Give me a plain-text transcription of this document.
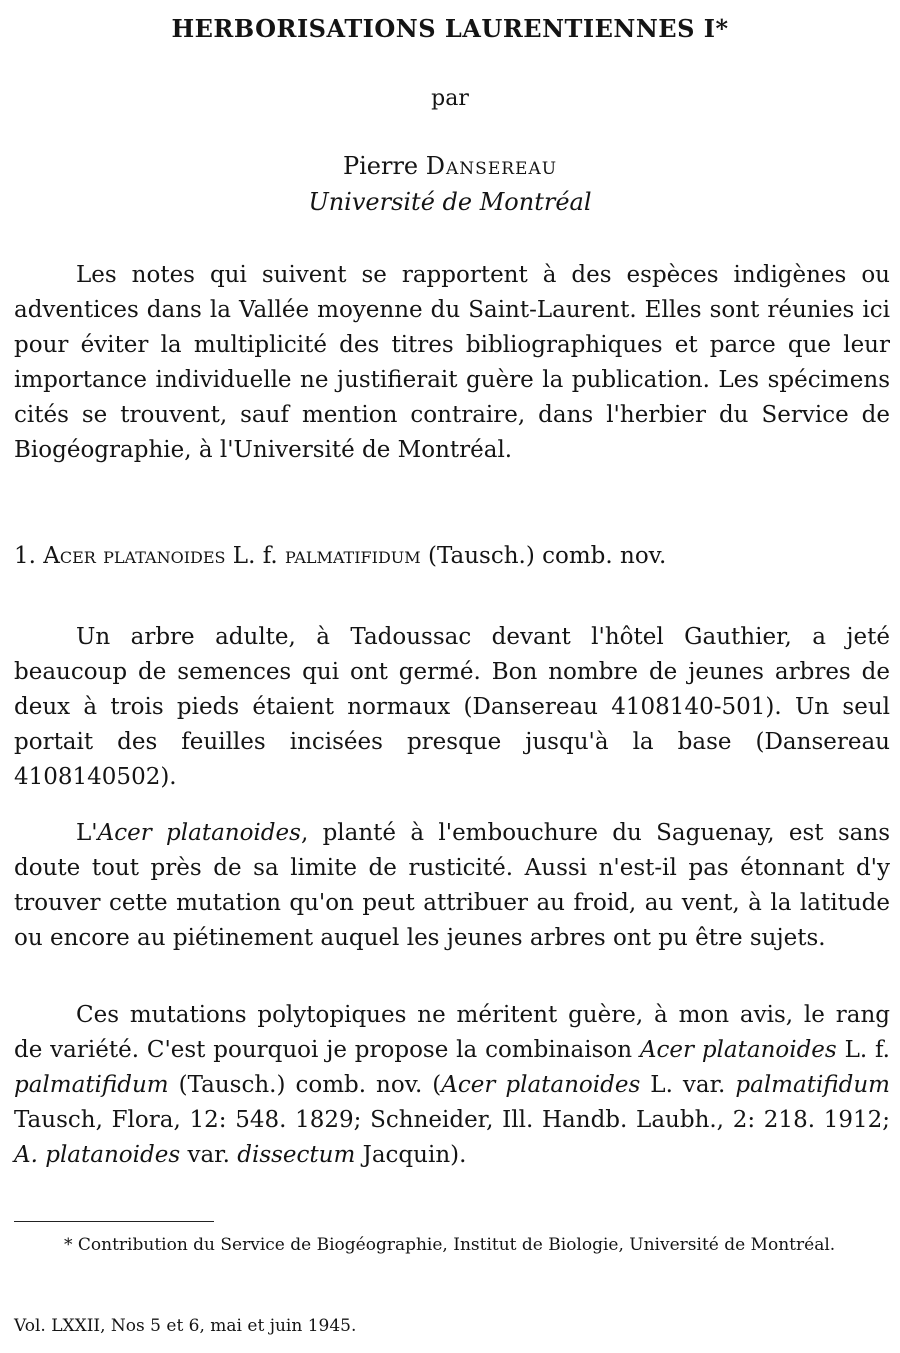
HERBORISATIONS LAURENTIENNES I*
par
Pierre Dansereau
Université de Montréal

Les notes qui suivent se rapportent à des espèces indigènes ou adventices dans la Vallée moyenne du Saint-Laurent. Elles sont réunies ici pour éviter la multiplicité des titres bibliographiques et parce que leur importance individuelle ne justifierait guère la publication. Les spécimens cités se trouvent, sauf mention contraire, dans l'herbier du Service de Biogéographie, à l'Université de Montréal.

1. Acer platanoides L. f. palmatifidum (Tausch.) comb. nov.

Un arbre adulte, à Tadoussac devant l'hôtel Gauthier, a jeté beaucoup de semences qui ont germé. Bon nombre de jeunes arbres de deux à trois pieds étaient normaux (Dansereau 4108140-501). Un seul portait des feuilles incisées presque jusqu'à la base (Dansereau 4108140502).

L'Acer platanoides, planté à l'embouchure du Saguenay, est sans doute tout près de sa limite de rusticité. Aussi n'est-il pas étonnant d'y trouver cette mutation qu'on peut attribuer au froid, au vent, à la latitude ou encore au piétinement auquel les jeunes arbres ont pu être sujets.

Ces mutations polytopiques ne méritent guère, à mon avis, le rang de variété. C'est pourquoi je propose la combinaison Acer platanoides L. f. palmatifidum (Tausch.) comb. nov. (Acer platanoides L. var. palmatifidum Tausch, Flora, 12: 548. 1829; Schneider, Ill. Handb. Laubh., 2: 218. 1912; A. platanoides var. dissectum Jacquin).

* Contribution du Service de Biogéographie, Institut de Biologie, Université de Montréal.

Vol. LXXII, Nos 5 et 6, mai et juin 1945.
